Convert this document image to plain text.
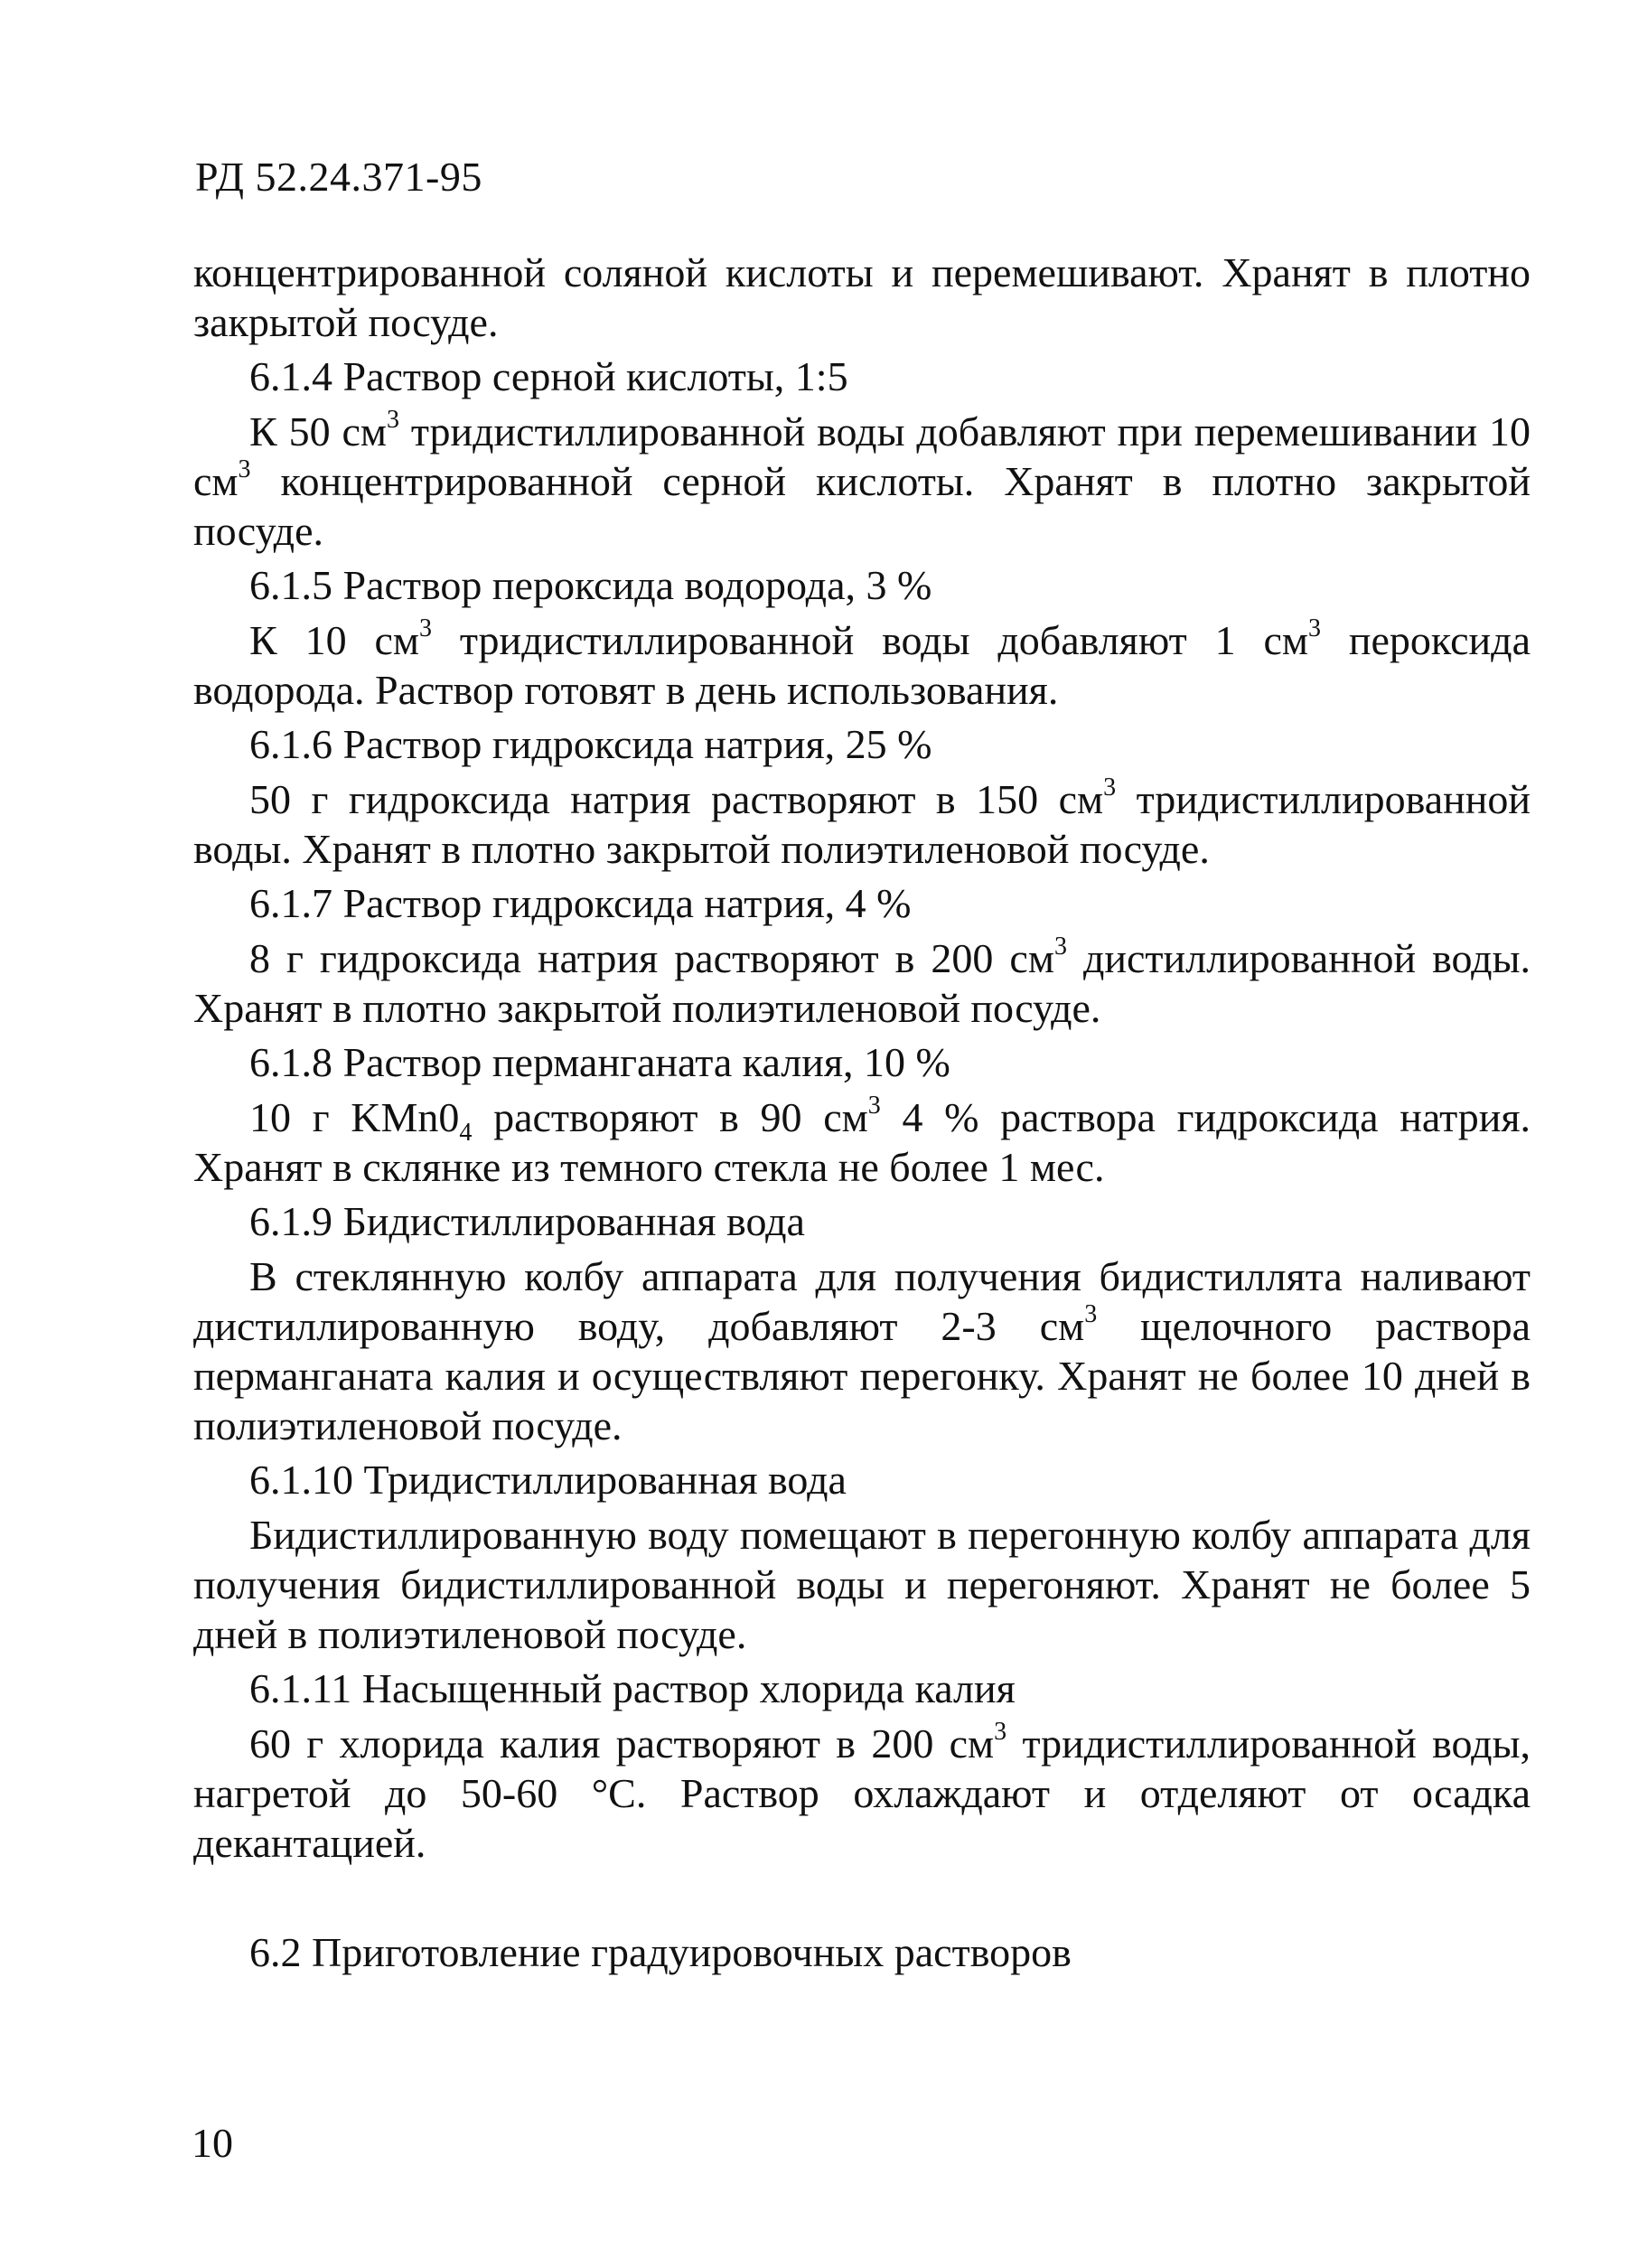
РД 52.24.371-95

концентрированной соляной кислоты и перемешивают. Хранят в плотно закрытой посуде.

6.1.4 Раствор серной кислоты, 1:5

К 50 $см^3$ тридистиллированной воды добавляют при перемешивании 10 $см^3$ концентрированной серной кислоты. Хранят в плотно закрытой посуде.

6.1.5 Раствор пероксида водорода, 3 %

К 10 $см^3$ тридистиллированной воды добавляют 1 $см^3$ пероксида водорода. Раствор готовят в день использования.

6.1.6 Раствор гидроксида натрия, 25 %

50 г гидроксида натрия растворяют в 150 $см^3$ тридистиллированной воды. Хранят в плотно закрытой полиэтиленовой посуде.

6.1.7 Раствор гидроксида натрия, 4 %

8 г гидроксида натрия растворяют в 200 $см^3$ дистиллированной воды. Хранят в плотно закрытой полиэтиленовой посуде.

6.1.8 Раствор перманганата калия, 10 %

10 г $KMn0_4$ растворяют в 90 $см^3$ 4 % раствора гидроксида натрия. Хранят в склянке из темного стекла не более 1 мес.

6.1.9 Бидистиллированная вода

В стеклянную колбу аппарата для получения бидистиллята наливают дистиллированную воду, добавляют 2-3 $см^3$ щелочного раствора перманганата калия и осуществляют перегонку. Хранят не более 10 дней в полиэтиленовой посуде.

6.1.10 Тридистиллированная вода

Бидистиллированную воду помещают в перегонную колбу аппарата для получения бидистиллированной воды и перегоняют. Хранят не более 5 дней в полиэтиленовой посуде.

6.1.11 Насыщенный раствор хлорида калия

60 г хлорида калия растворяют в 200 $см^3$ тридистиллированной воды, нагретой до 50-60 °С. Раствор охлаждают и отделяют от осадка декантацией.

6.2 Приготовление градуировочных растворов

10
